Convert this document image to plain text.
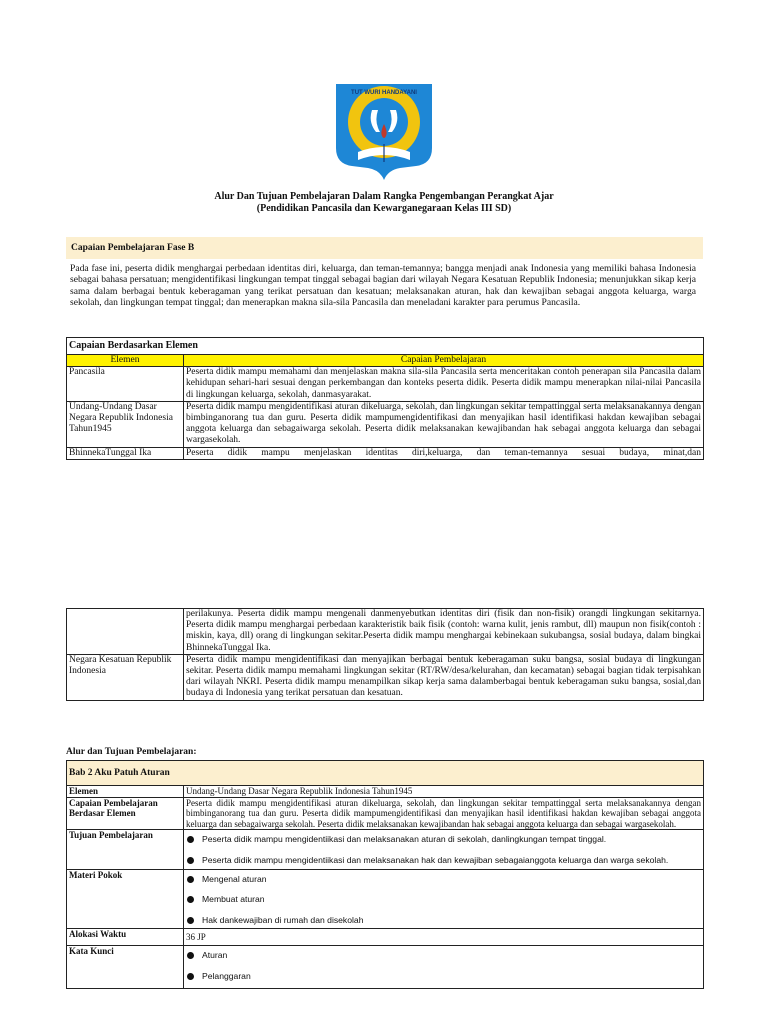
TUT WURI HANDAYANI
Alur Dan Tujuan Pembelajaran Dalam Rangka Pengembangan Perangkat Ajar
(Pendidikan Pancasila dan Kewarganegaraan Kelas III SD)
Capaian Pembelajaran Fase B
Pada fase ini, peserta didik menghargai perbedaan identitas diri, keluarga, dan teman-temannya; bangga menjadi anak Indonesia yang memiliki bahasa Indonesia sebagai bahasa persatuan; mengidentifikasi lingkungan tempat tinggal sebagai bagian dari wilayah Negara Kesatuan Republik Indonesia; menunjukkan sikap kerja sama dalam berbagai bentuk keberagaman yang terikat persatuan dan kesatuan; melaksanakan aturan, hak dan kewajiban sebagai anggota keluarga, warga sekolah, dan lingkungan tempat tinggal; dan menerapkan makna sila-sila Pancasila dan meneladani karakter para perumus Pancasila.
Capaian Berdasarkan Elemen	
Elemen	Capaian Pembelajaran
Pancasila	Peserta didik mampu memahami dan menjelaskan makna sila-sila Pancasila serta menceritakan contoh penerapan sila Pancasila dalam kehidupan sehari-hari sesuai dengan perkembangan dan konteks peserta didik. Peserta didik mampu menerapkan nilai-nilai Pancasila di lingkungan keluarga, sekolah, danmasyarakat.
Undang-Undang Dasar Negara Republik Indonesia Tahun1945	Peserta didik mampu mengidentifikasi aturan dikeluarga, sekolah, dan lingkungan sekitar tempattinggal serta melaksanakannya dengan bimbinganorang tua dan guru. Peserta didik mampumengidentifikasi dan menyajikan hasil identifikasi hakdan kewajiban sebagai anggota keluarga dan sebagaiwarga sekolah. Peserta didik melaksanakan kewajibandan hak sebagai anggota keluarga dan sebagai wargasekolah.
BhinnekaTunggal Ika	Peserta didik mampu menjelaskan identitas diri,keluarga, dan teman-temannya sesuai budaya, minat,dan
	perilakunya. Peserta didik mampu mengenali danmenyebutkan identitas diri (fisik dan non-fisik) orangdi lingkungan sekitarnya. Peserta didik mampu menghargai perbedaan karakteristik baik fisik (contoh: warna kulit, jenis rambut, dll) maupun non fisik(contoh : miskin, kaya, dll) orang di lingkungan sekitar.Peserta didik mampu menghargai kebinekaan sukubangsa, sosial budaya, dalam bingkai BhinnekaTunggal Ika.
Negara Kesatuan Republik Indonesia	Peserta didik mampu mengidentifikasi dan menyajikan berbagai bentuk keberagaman suku bangsa, sosial budaya di lingkungan sekitar. Peserta didik mampu memahami lingkungan sekitar (RT/RW/desa/kelurahan, dan kecamatan) sebagai bagian tidak terpisahkan dari wilayah NKRI. Peserta didik mampu menampilkan sikap kerja sama dalamberbagai bentuk keberagaman suku bangsa, sosial,dan budaya di Indonesia yang terikat persatuan dan kesatuan.
Alur dan Tujuan Pembelajaran:
Bab 2 Aku Patuh Aturan	
Elemen	Undang-Undang Dasar Negara Republik Indonesia Tahun1945
Capaian Pembelajaran Berdasar Elemen	Peserta didik mampu mengidentifikasi aturan dikeluarga, sekolah, dan lingkungan sekitar tempattinggal serta melaksanakannya dengan bimbinganorang tua dan guru. Peserta didik mampumengidentifikasi dan menyajikan hasil identifikasi hakdan kewajiban sebagai anggota keluarga dan sebagaiwarga sekolah. Peserta didik melaksanakan kewajibandan hak sebagai anggota keluarga dan sebagai wargasekolah.
Tujuan Pembelajaran	Peserta didik mampu mengidentiikasi dan melaksanakan aturan di sekolah, danlingkungan tempat tinggal.
Peserta didik mampu mengidentiikasi dan melaksanakan hak dan kewajiban sebagaianggota keluarga dan warga sekolah.

Materi Pokok	Mengenal aturan
Membuat aturan
Hak dankewajiban di rumah dan disekolah

Alokasi Waktu	36 JP
Kata Kunci	Aturan
Pelanggaran
